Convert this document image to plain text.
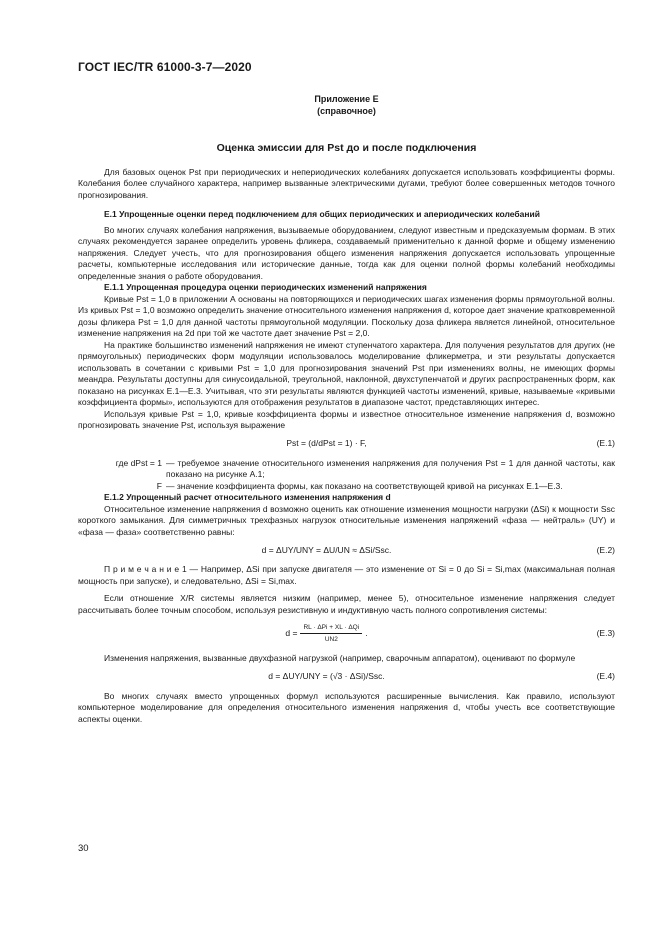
ГОСТ IEC/TR 61000-3-7—2020
Приложение Е
(справочное)
Оценка эмиссии для Pst до и после подключения

Для базовых оценок Pst при периодических и непериодических колебаниях допускается использовать коэффициенты формы. Колебания более случайного характера, например вызванные электрическими дугами, требуют более совершенных методов точного прогнозирования.

Е.1 Упрощенные оценки перед подключением для общих периодических и апериодических колебаний

Во многих случаях колебания напряжения, вызываемые оборудованием, следуют известным и предсказуемым формам. В этих случаях рекомендуется заранее определить уровень фликера, создаваемый применительно к данной форме и общему изменению напряжения. Следует учесть, что для прогнозирования общего изменения напряжения допускается использовать упрощенные расчеты, компьютерные исследования или исторические данные, тогда как для оценки полной формы колебаний необходимы определенные знания о работе оборудования.

Е.1.1 Упрощенная процедура оценки периодических изменений напряжения

Кривые Pst = 1,0 в приложении А основаны на повторяющихся и периодических шагах изменения формы прямоугольной волны. Из кривых Pst = 1,0 возможно определить значение относительного изменения напряжения d, которое дает значение кратковременной дозы фликера Pst = 1,0 для данной частоты прямоугольной модуляции. Поскольку доза фликера является линейной, относительное изменение напряжения на 2d при той же частоте дает значение Pst = 2,0.

На практике большинство изменений напряжения не имеют ступенчатого характера. Для получения результатов для других (не прямоугольных) периодических форм модуляции использовалось моделирование фликерметра, и эти результаты допускается использовать в сочетании с кривыми Pst = 1,0 для прогнозирования значений Pst при изменениях волны, не имеющих формы меандра. Результаты доступны для синусоидальной, треугольной, наклонной, двухступенчатой и других распространенных форм, как показано на рисунках Е.1—Е.3. Учитывая, что эти результаты являются функцией частоты изменений, кривые, называемые «кривыми коэффициента формы», используются для отображения результатов в диапазоне частот, представляющих интерес.

Используя кривые Pst = 1,0, кривые коэффициента формы и известное относительное изменение напряжения d, возможно прогнозировать значение Pst, используя выражение

Pst = (d/dPst = 1) · F,	(Е.1)
где dPst = 1 — требуемое значение относительного изменения напряжения для получения Pst = 1 для данной частоты, как показано на рисунке А.1;
F — значение коэффициента формы, как показано на соответствующей кривой на рисунках Е.1—Е.3.

Е.1.2 Упрощенный расчет относительного изменения напряжения d

Относительное изменение напряжения d возможно оценить как отношение изменения мощности нагрузки (ΔSi) к мощности Ssc короткого замыкания. Для симметричных трехфазных нагрузок относительные изменения напряжений «фаза — нейтраль» (UY) и «фаза — фаза» соответственно равны:

d = ΔUY/UNY = ΔU/UN ≈ ΔSi/Ssc.	(Е.2)

П р и м е ч а н и е 1 — Например, ΔSi при запуске двигателя — это изменение от Si = 0 до Si = Si,max (максимальная полная мощность при запуске), и следовательно, ΔSi = Si,max.

Если отношение X/R системы является низким (например, менее 5), относительное изменение напряжения следует рассчитывать более точным способом, используя резистивную и индуктивную часть полного сопротивления системы:

$d = \frac{\text{RL · ΔPi + XL · ΔQi}}{UN2}$ .	(Е.3)

Изменения напряжения, вызванные двухфазной нагрузкой (например, сварочным аппаратом), оценивают по формуле

d = ΔUY/UNY = (√3 · ΔSi)/Ssc.	(Е.4)

Во многих случаях вместо упрощенных формул используются расширенные вычисления. Как правило, используют компьютерное моделирование для определения относительного изменения напряжения d, чтобы учесть все соответствующие аспекты оценки.

30
